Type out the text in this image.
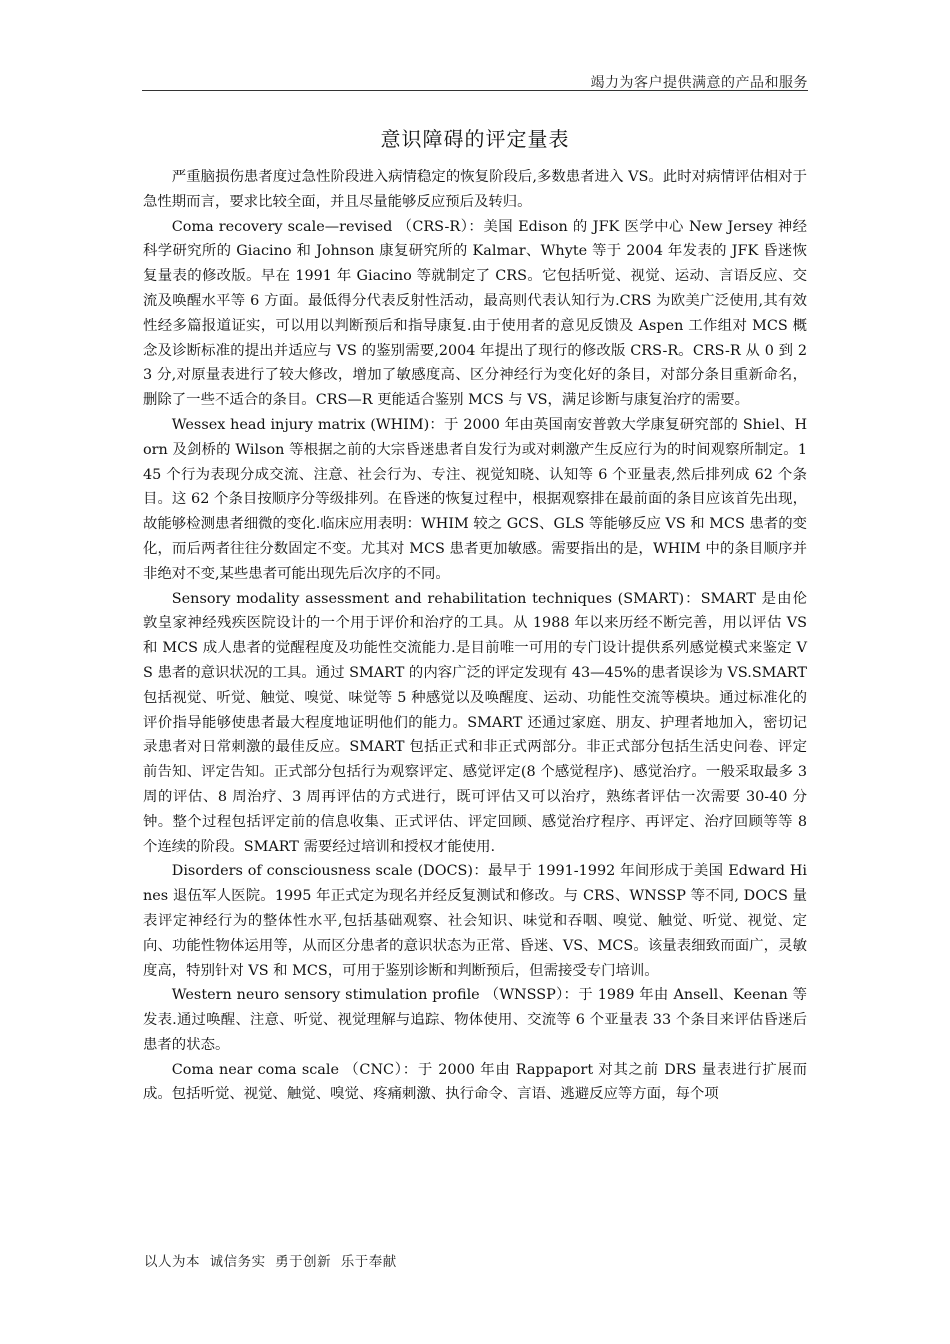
竭力为客户提供满意的产品和服务
意识障碍的评定量表

严重脑损伤患者度过急性阶段进入病情稳定的恢复阶段后,多数患者进入 VS。此时对病情评估相对于急性期而言，要求比较全面，并且尽量能够反应预后及转归。

Coma recovery scale—revised （CRS-R）：美国 Edison 的 JFK 医学中心 New Jersey 神经科学研究所的 Giacino 和 Johnson 康复研究所的 Kalmar、Whyte 等于 2004 年发表的 JFK 昏迷恢复量表的修改版。早在 1991 年 Giacino 等就制定了 CRS。它包括听觉、视觉、运动、言语反应、交流及唤醒水平等 6 方面。最低得分代表反射性活动，最高则代表认知行为.CRS 为欧美广泛使用,其有效性经多篇报道证实，可以用以判断预后和指导康复.由于使用者的意见反馈及 Aspen 工作组对 MCS 概念及诊断标准的提出并适应与 VS 的鉴别需要,2004 年提出了现行的修改版 CRS-R。CRS-R 从 0 到 23 分,对原量表进行了较大修改，增加了敏感度高、区分神经行为变化好的条目，对部分条目重新命名，删除了一些不适合的条目。CRS—R 更能适合鉴别 MCS 与 VS，满足诊断与康复治疗的需要。

Wessex head injury matrix (WHIM)：于 2000 年由英国南安普敦大学康复研究部的 Shiel、Horn 及剑桥的 Wilson 等根据之前的大宗昏迷患者自发行为或对刺激产生反应行为的时间观察所制定。145 个行为表现分成交流、注意、社会行为、专注、视觉知晓、认知等 6 个亚量表,然后排列成 62 个条目。这 62 个条目按顺序分等级排列。在昏迷的恢复过程中，根据观察排在最前面的条目应该首先出现，故能够检测患者细微的变化.临床应用表明：WHIM 较之 GCS、GLS 等能够反应 VS 和 MCS 患者的变化，而后两者往往分数固定不变。尤其对 MCS 患者更加敏感。需要指出的是，WHIM 中的条目顺序并非绝对不变,某些患者可能出现先后次序的不同。

Sensory modality assessment and rehabilitation techniques (SMART)：SMART 是由伦敦皇家神经残疾医院设计的一个用于评价和治疗的工具。从 1988 年以来历经不断完善，用以评估 VS 和 MCS 成人患者的觉醒程度及功能性交流能力.是目前唯一可用的专门设计提供系列感觉模式来鉴定 VS 患者的意识状况的工具。通过 SMART 的内容广泛的评定发现有 43—45%的患者误诊为 VS.SMART 包括视觉、听觉、触觉、嗅觉、味觉等 5 种感觉以及唤醒度、运动、功能性交流等模块。通过标准化的评价指导能够使患者最大程度地证明他们的能力。SMART 还通过家庭、朋友、护理者地加入，密切记录患者对日常刺激的最佳反应。SMART 包括正式和非正式两部分。非正式部分包括生活史问卷、评定前告知、评定告知。正式部分包括行为观察评定、感觉评定(8 个感觉程序)、感觉治疗。一般采取最多 3 周的评估、8 周治疗、3 周再评估的方式进行，既可评估又可以治疗，熟练者评估一次需要 30-40 分钟。整个过程包括评定前的信息收集、正式评估、评定回顾、感觉治疗程序、再评定、治疗回顾等等 8 个连续的阶段。SMART 需要经过培训和授权才能使用.

Disorders of consciousness scale (DOCS)：最早于 1991-1992 年间形成于美国 Edward Hines 退伍军人医院。1995 年正式定为现名并经反复测试和修改。与 CRS、WNSSP 等不同, DOCS 量表评定神经行为的整体性水平,包括基础观察、社会知识、味觉和吞咽、嗅觉、触觉、听觉、视觉、定向、功能性物体运用等，从而区分患者的意识状态为正常、昏迷、VS、MCS。该量表细致而面广，灵敏度高，特别针对 VS 和 MCS，可用于鉴别诊断和判断预后，但需接受专门培训。

Western neuro sensory stimulation profile （WNSSP）：于 1989 年由 Ansell、Keenan 等发表.通过唤醒、注意、听觉、视觉理解与追踪、物体使用、交流等 6 个亚量表 33 个条目来评估昏迷后患者的状态。

Coma near coma scale （CNC）：于 2000 年由 Rappaport 对其之前 DRS 量表进行扩展而成。包括听觉、视觉、触觉、嗅觉、疼痛刺激、执行命令、言语、逃避反应等方面，每个项

以人为本  诚信务实  勇于创新  乐于奉献
